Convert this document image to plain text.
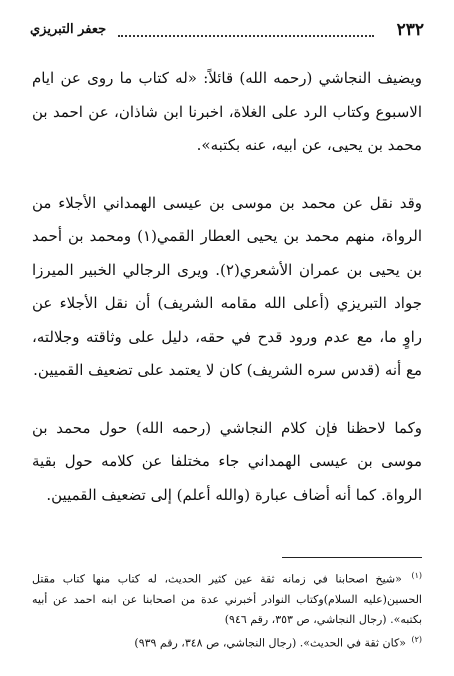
٢٣٢
جعفر التبريزي

ويضيف النجاشي (رحمه الله) قائلاً: «له كتاب ما روى عن ايام الاسبوع وكتاب الرد على الغلاة، اخبرنا ابن شاذان، عن احمد بن محمد بن يحيى، عن ابيه، عنه بكتبه».

وقد نقل عن محمد بن موسى بن عيسى الهمداني الأجلاء من الرواة، منهم محمد بن يحيى العطار القمي(١) ومحمد بن أحمد بن يحيى بن عمران الأشعري(٢). ويرى الرجالي الخبير الميرزا جواد التبريزي (أعلى الله مقامه الشريف) أن نقل الأجلاء عن راوٍ ما، مع عدم ورود قدح في حقه، دليل على وثاقته وجلالته، مع أنه (قدس سره الشريف) كان لا يعتمد على تضعيف القميين.

وكما لاحظنا فإن كلام النجاشي (رحمه الله) حول محمد بن موسى بن عيسى الهمداني جاء مختلفا عن كلامه حول بقية الرواة. كما أنه أضاف عبارة (والله أعلم) إلى تضعيف القميين.

$^{(١)}$ «شيخ اصحابنا في زمانه ثقة عين كثير الحديث، له كتاب منها كتاب مقتل الحسين(عليه السلام)وكتاب النوادر أخبرني عدة من اصحابنا عن ابنه احمد عن أبيه بكتبه». (رجال النجاشي، ص ٣٥٣، رقم ٩٤٦)

$^{(٢)}$ «كان ثقة في الحديث». (رجال النجاشي، ص ٣٤٨، رقم ٩٣٩)
